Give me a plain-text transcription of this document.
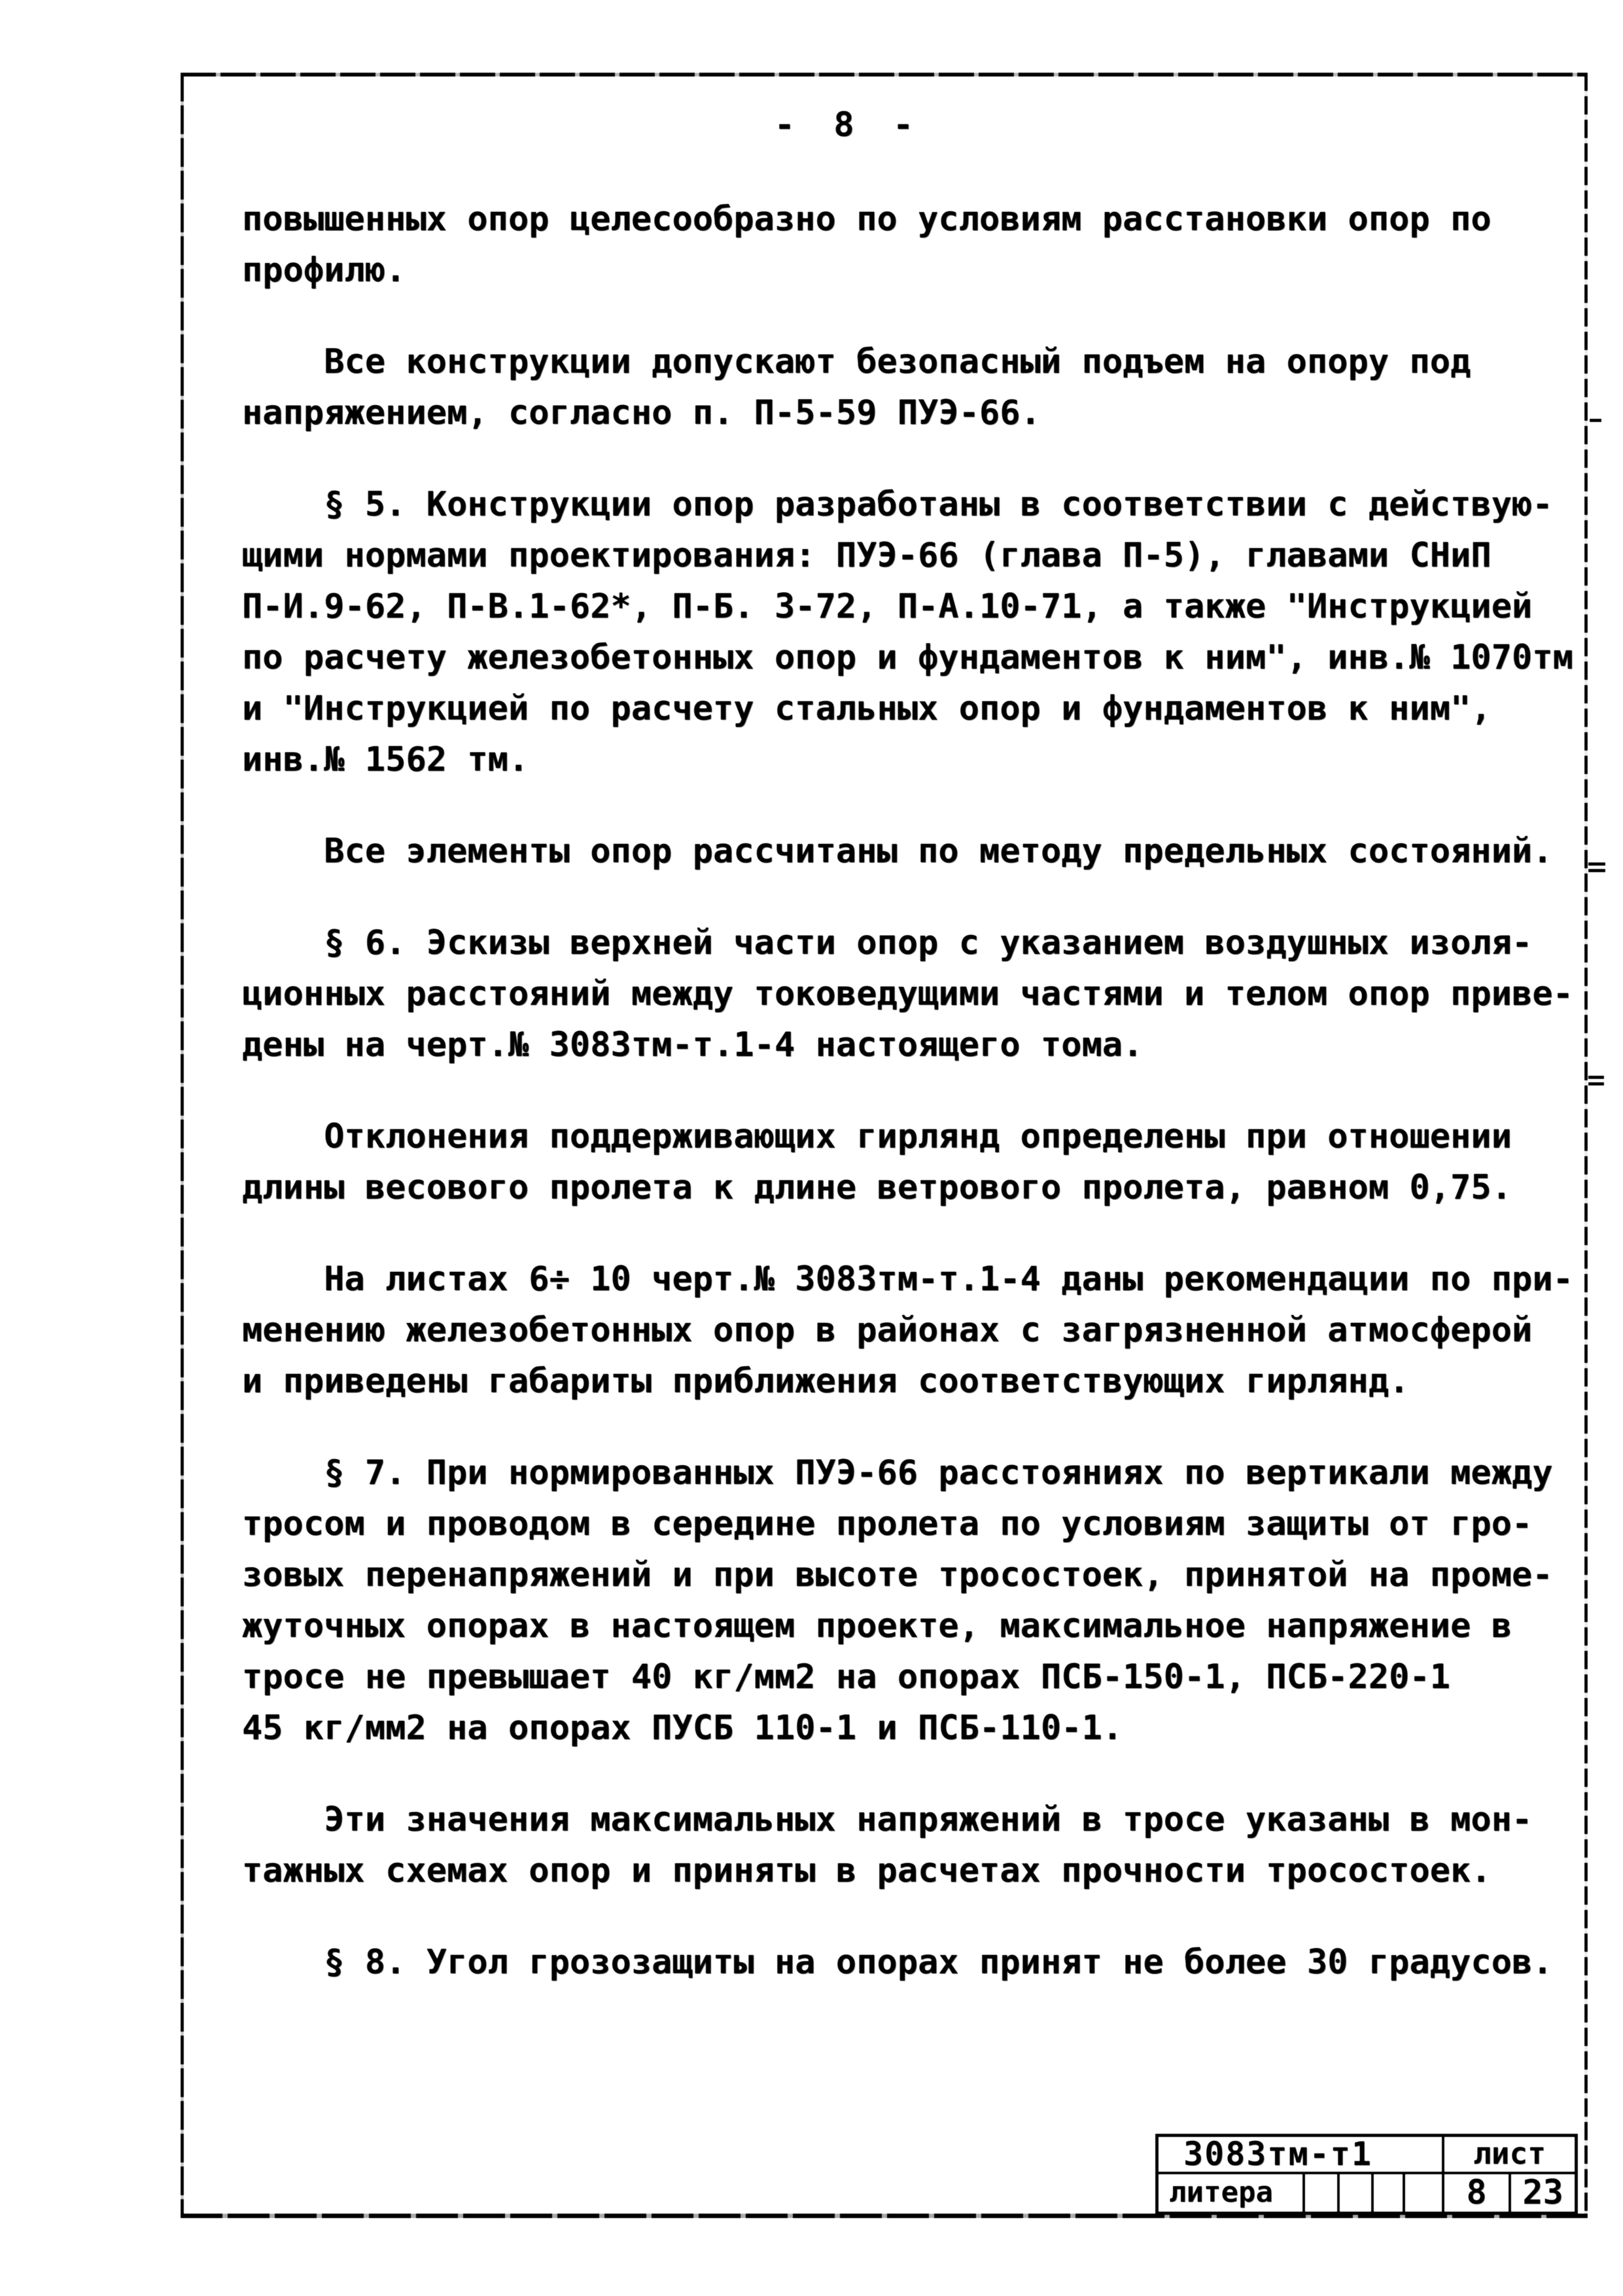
- 8 -
повышенных опор целесообразно по условиям расстановки опор по
профилю.
Все конструкции допускают безопасный подъем на опору под
напряжением, согласно п. П-5-59 ПУЭ-66.
§ 5. Конструкции опор разработаны в соответствии с действую-
щими нормами проектирования: ПУЭ-66 (глава П-5), главами СНиП
П-И.9-62, П-В.1-62*, П-Б. 3-72, П-А.10-71, а также "Инструкцией
по расчету железобетонных опор и фундаментов к ним", инв.№ 1070тм
и "Инструкцией по расчету стальных опор и фундаментов к ним",
инв.№ 1562 тм.
Все элементы опор рассчитаны по методу предельных состояний.
§ 6. Эскизы верхней части опор с указанием воздушных изоля-
ционных расстояний между токоведущими частями и телом опор приве-
дены на черт.№ 3083тм-т.1-4 настоящего тома.
Отклонения поддерживающих гирлянд определены при отношении
длины весового пролета к длине ветрового пролета, равном 0,75.
На листах 6÷ 10 черт.№ 3083тм-т.1-4 даны рекомендации по при-
менению железобетонных опор в районах с загрязненной атмосферой
и приведены габариты приближения соответствующих гирлянд.
§ 7. При нормированных ПУЭ-66 расстояниях по вертикали между
тросом и проводом в середине пролета по условиям защиты от гро-
зовых перенапряжений и при высоте тросостоек, принятой на проме-
жуточных опорах в настоящем проекте, максимальное напряжение в
тросе не превышает 40 кг/мм2 на опорах ПСБ-150-1, ПСБ-220-1
45 кг/мм2 на опорах ПУСБ 110-1 и ПСБ-110-1.
Эти значения максимальных напряжений в тросе указаны в мон-
тажных схемах опор и приняты в расчетах прочности тросостоек.
§ 8. Угол грозозащиты на опорах принят не более 30 градусов.
3083тм-т1	лист
литера	8	23
